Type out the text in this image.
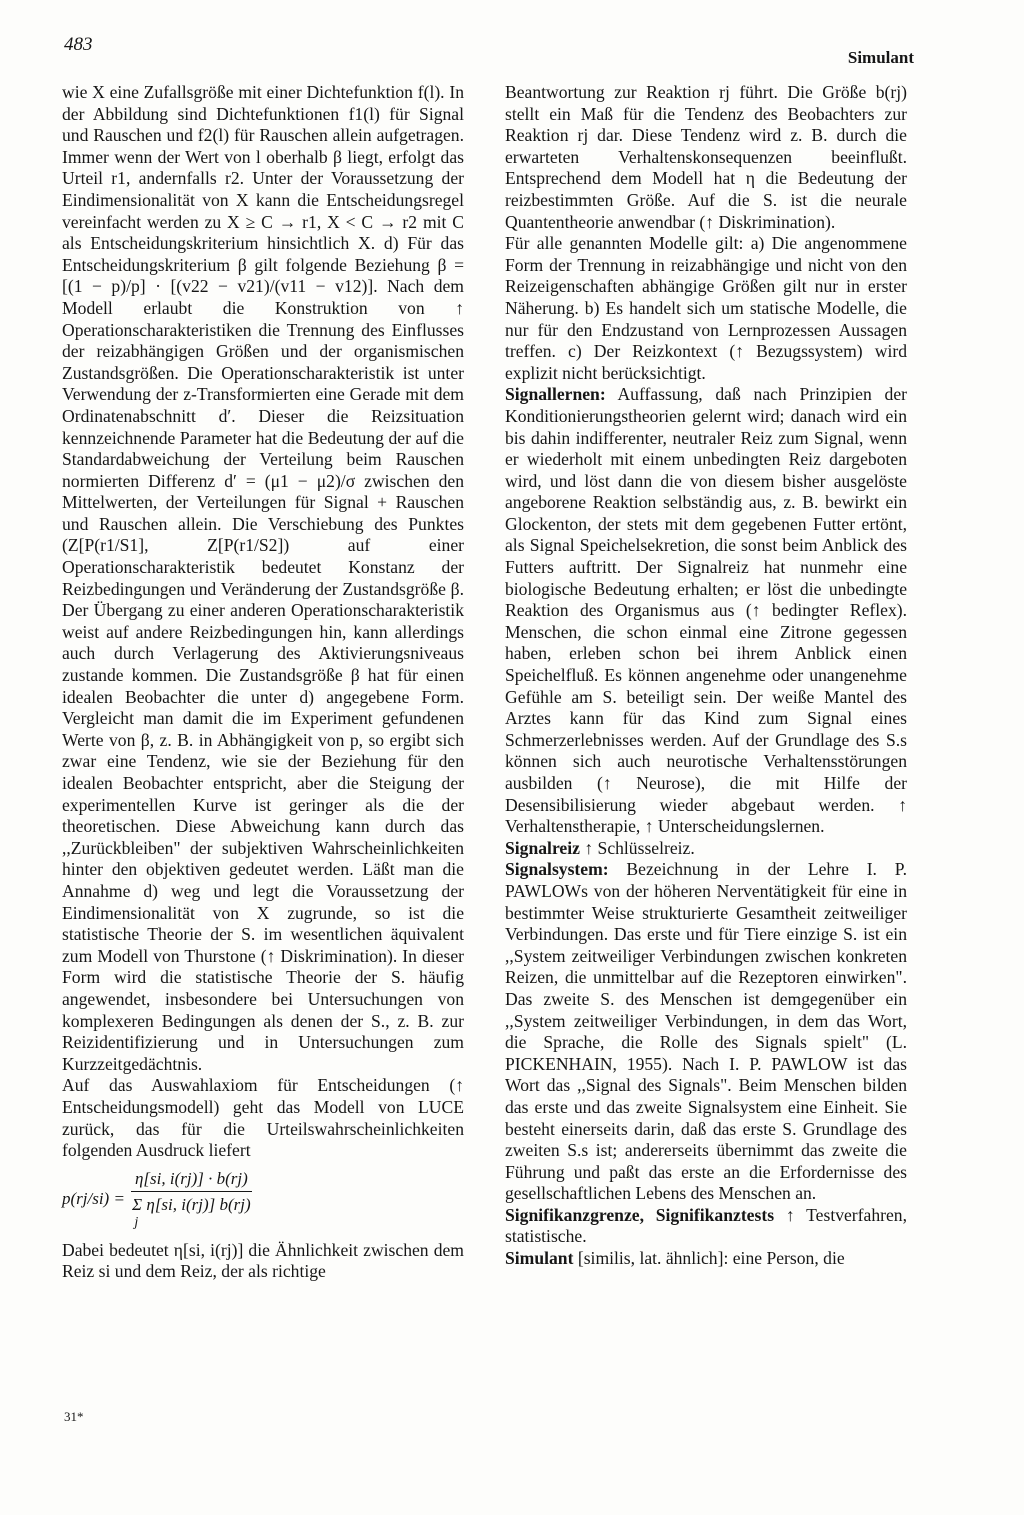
483
Simulant

wie X eine Zufallsgröße mit einer Dichtefunktion f(l). In der Abbildung sind Dichtefunktionen f1(l) für Signal und Rauschen und f2(l) für Rauschen allein aufgetragen. Immer wenn der Wert von l oberhalb β liegt, erfolgt das Urteil r1, andernfalls r2. Unter der Voraussetzung der Eindimensionalität von X kann die Entscheidungsregel vereinfacht werden zu X ≥ C → r1, X < C → r2 mit C als Entscheidungskriterium hinsichtlich X. d) Für das Entscheidungskriterium β gilt folgende Beziehung β = [(1 − p)/p] · [(v22 − v21)/(v11 − v12)]. Nach dem Modell erlaubt die Konstruktion von ↑ Operationscharakteristiken die Trennung des Einflusses der reizabhängigen Größen und der organismischen Zustandsgrößen. Die Operationscharakteristik ist unter Verwendung der z-Transformierten eine Gerade mit dem Ordinatenabschnitt d′. Dieser die Reizsituation kennzeichnende Parameter hat die Bedeutung der auf die Standardabweichung der Verteilung beim Rauschen normierten Differenz d′ = (μ1 − μ2)/σ zwischen den Mittelwerten, der Verteilungen für Signal + Rauschen und Rauschen allein. Die Verschiebung des Punktes (Z[P(r1/S1], Z[P(r1/S2]) auf einer Operationscharakteristik bedeutet Konstanz der Reizbedingungen und Veränderung der Zustandsgröße β. Der Übergang zu einer anderen Operationscharakteristik weist auf andere Reizbedingungen hin, kann allerdings auch durch Verlagerung des Aktivierungsniveaus zustande kommen. Die Zustandsgröße β hat für einen idealen Beobachter die unter d) angegebene Form. Vergleicht man damit die im Experiment gefundenen Werte von β, z. B. in Abhängigkeit von p, so ergibt sich zwar eine Tendenz, wie sie der Beziehung für den idealen Beobachter entspricht, aber die Steigung der experimentellen Kurve ist geringer als die der theoretischen. Diese Abweichung kann durch das ,,Zurückbleiben" der subjektiven Wahrscheinlichkeiten hinter den objektiven gedeutet werden. Läßt man die Annahme d) weg und legt die Voraussetzung der Eindimensionalität von X zugrunde, so ist die statistische Theorie der S. im wesentlichen äquivalent zum Modell von Thurstone (↑ Diskrimination). In dieser Form wird die statistische Theorie der S. häufig angewendet, insbesondere bei Untersuchungen von komplexeren Bedingungen als denen der S., z. B. zur Reizidentifizierung und in Untersuchungen zum Kurzzeitgedächtnis.

Auf das Auswahlaxiom für Entscheidungen (↑ Entscheidungsmodell) geht das Modell von LUCE zurück, das für die Urteilswahrscheinlichkeiten folgenden Ausdruck liefert

p(rj/si) =
η[si, i(rj)] · b(rj)
Σ η[si, i(rj)] b(rj)
j

Dabei bedeutet η[si, i(rj)] die Ähnlichkeit zwischen dem Reiz si und dem Reiz, der als richtige

Beantwortung zur Reaktion rj führt. Die Größe b(rj) stellt ein Maß für die Tendenz des Beobachters zur Reaktion rj dar. Diese Tendenz wird z. B. durch die erwarteten Verhaltenskonsequenzen beeinflußt. Entsprechend dem Modell hat η die Bedeutung der reizbestimmten Größe. Auf die S. ist die neurale Quantentheorie anwendbar (↑ Diskrimination).

Für alle genannten Modelle gilt: a) Die angenommene Form der Trennung in reizabhängige und nicht von den Reizeigenschaften abhängige Größen gilt nur in erster Näherung. b) Es handelt sich um statische Modelle, die nur für den Endzustand von Lernprozessen Aussagen treffen. c) Der Reizkontext (↑ Bezugssystem) wird explizit nicht berücksichtigt.

Signallernen: Auffassung, daß nach Prinzipien der Konditionierungstheorien gelernt wird; danach wird ein bis dahin indifferenter, neutraler Reiz zum Signal, wenn er wiederholt mit einem unbedingten Reiz dargeboten wird, und löst dann die von diesem bisher ausgelöste angeborene Reaktion selbständig aus, z. B. bewirkt ein Glockenton, der stets mit dem gegebenen Futter ertönt, als Signal Speichelsekretion, die sonst beim Anblick des Futters auftritt. Der Signalreiz hat nunmehr eine biologische Bedeutung erhalten; er löst die unbedingte Reaktion des Organismus aus (↑ bedingter Reflex). Menschen, die schon einmal eine Zitrone gegessen haben, erleben schon bei ihrem Anblick einen Speichelfluß. Es können angenehme oder unangenehme Gefühle am S. beteiligt sein. Der weiße Mantel des Arztes kann für das Kind zum Signal eines Schmerzerlebnisses werden. Auf der Grundlage des S.s können sich auch neurotische Verhaltensstörungen ausbilden (↑ Neurose), die mit Hilfe der Desensibilisierung wieder abgebaut werden. ↑ Verhaltenstherapie, ↑ Unterscheidungslernen.

Signalreiz ↑ Schlüsselreiz.

Signalsystem: Bezeichnung in der Lehre I. P. PAWLOWs von der höheren Nerventätigkeit für eine in bestimmter Weise strukturierte Gesamtheit zeitweiliger Verbindungen. Das erste und für Tiere einzige S. ist ein ,,System zeitweiliger Verbindungen zwischen konkreten Reizen, die unmittelbar auf die Rezeptoren einwirken". Das zweite S. des Menschen ist demgegenüber ein ,,System zeitweiliger Verbindungen, in dem das Wort, die Sprache, die Rolle des Signals spielt" (L. PICKENHAIN, 1955). Nach I. P. PAWLOW ist das Wort das ,,Signal des Signals". Beim Menschen bilden das erste und das zweite Signalsystem eine Einheit. Sie besteht einerseits darin, daß das erste S. Grundlage des zweiten S.s ist; andererseits übernimmt das zweite die Führung und paßt das erste an die Erfordernisse des gesellschaftlichen Lebens des Menschen an.

Signifikanzgrenze, Signifikanztests ↑ Testverfahren, statistische.

Simulant [similis, lat. ähnlich]: eine Person, die

31*
